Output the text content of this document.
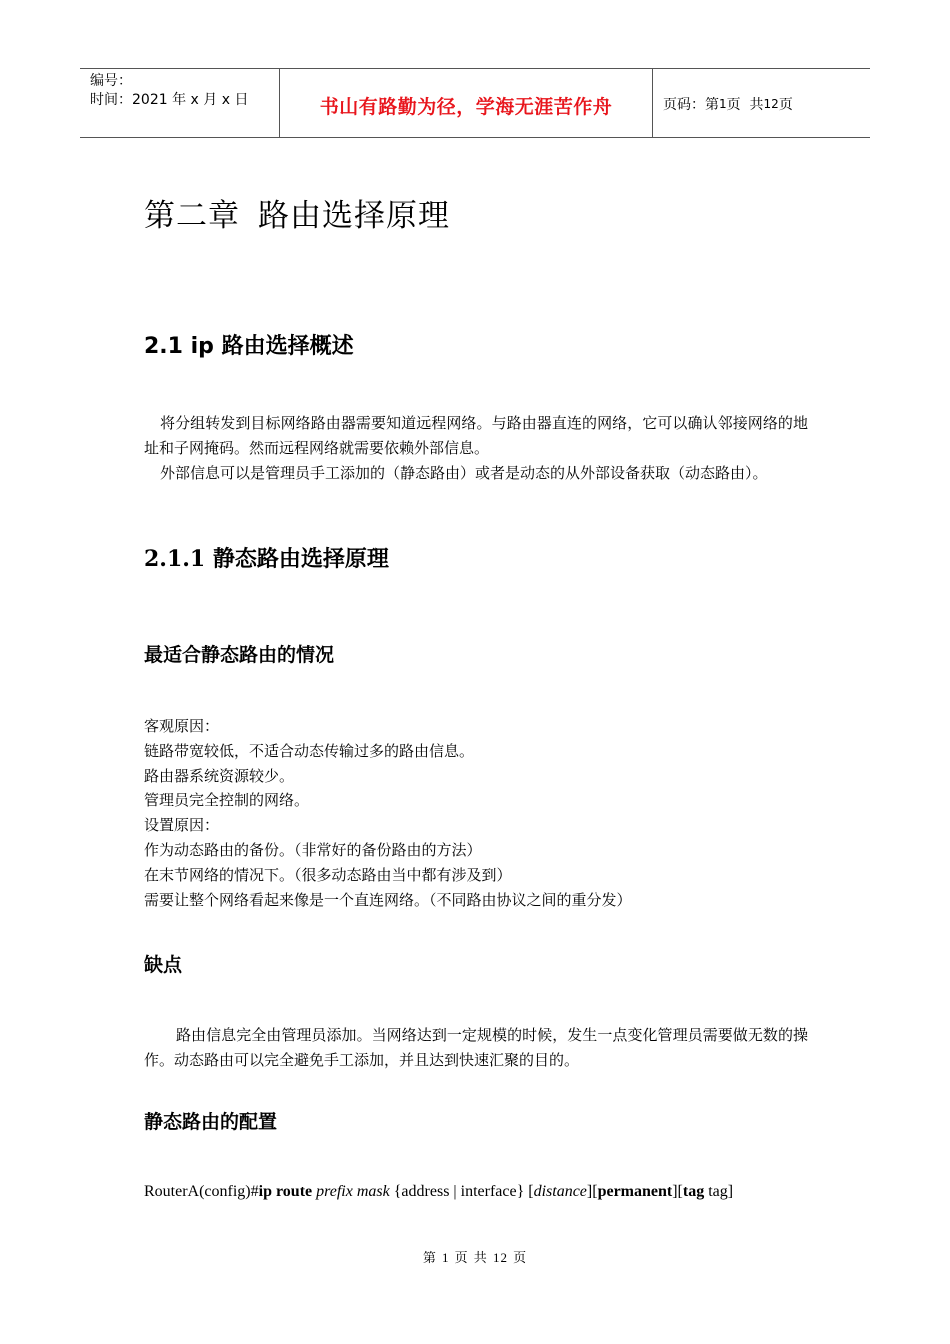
编号：
时间：2021 年 x 月 x 日	书山有路勤为径，学海无涯苦作舟	页码：第 1 页  共 12 页
第二章 路由选择原理
2.1 ip 路由选择概述
将分组转发到目标网络路由器需要知道远程网络。与路由器直连的网络，它可以确认邻接网络的地址和子网掩码。然而远程网络就需要依赖外部信息。
外部信息可以是管理员手工添加的（静态路由）或者是动态的从外部设备获取（动态路由）。
2.1.1 静态路由选择原理
最适合静态路由的情况
客观原因：
链路带宽较低，不适合动态传输过多的路由信息。
路由器系统资源较少。
管理员完全控制的网络。
设置原因：
作为动态路由的备份。（非常好的备份路由的方法）
在末节网络的情况下。（很多动态路由当中都有涉及到）
需要让整个网络看起来像是一个直连网络。（不同路由协议之间的重分发）
缺点
路由信息完全由管理员添加。当网络达到一定规模的时候，发生一点变化管理员需要做无数的操作。动态路由可以完全避免手工添加，并且达到快速汇聚的目的。
静态路由的配置
RouterA(config)#ip route prefix mask {address | interface} [distance][permanent][tag tag]
第 1 页 共 12 页
